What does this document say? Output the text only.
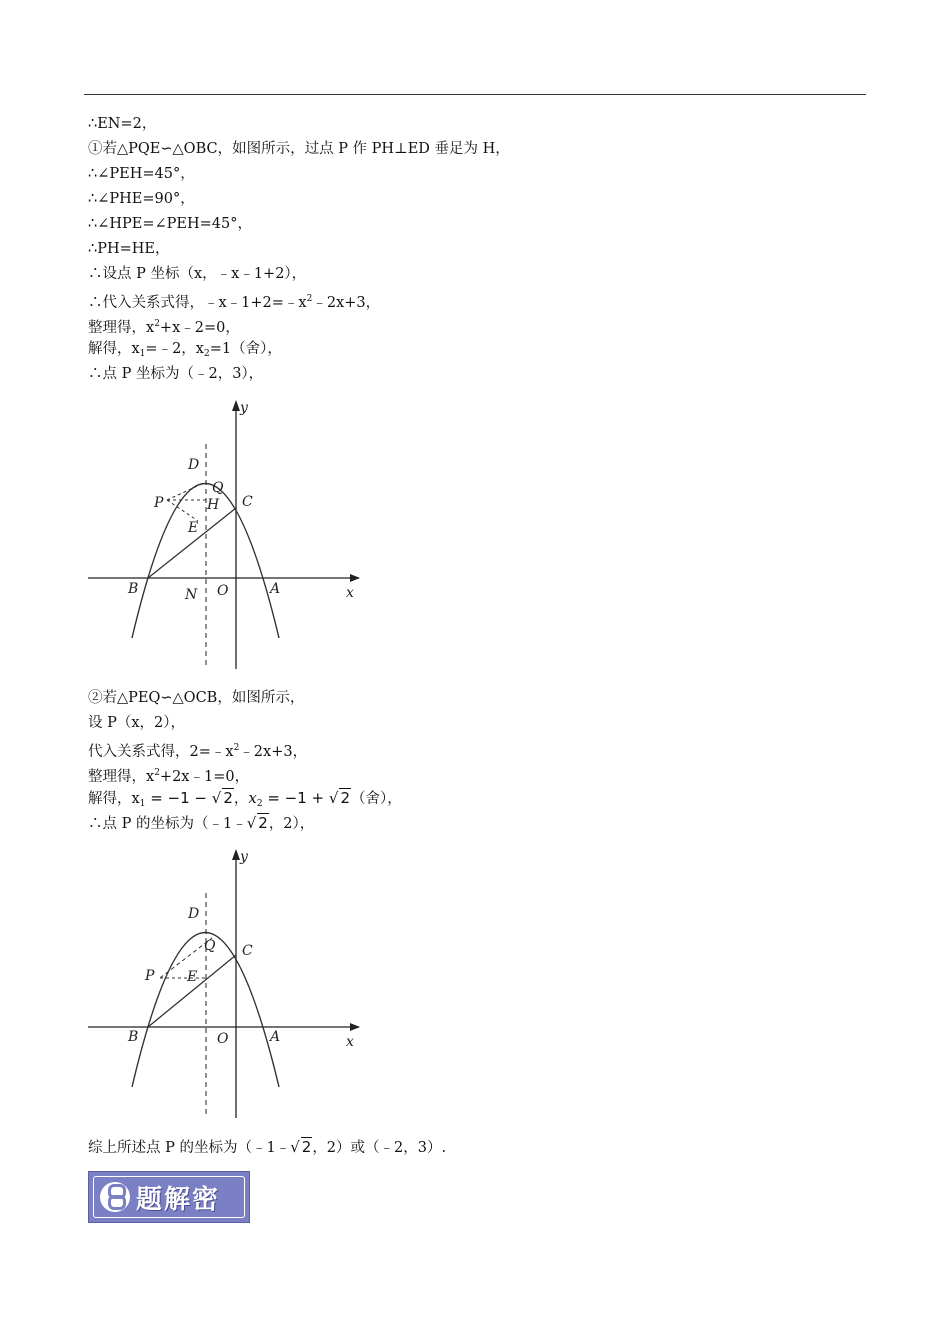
∴EN=2，
①若△PQE∽△OBC，如图所示，过点 P 作 PH⊥ED 垂足为 H，
∴∠PEH=45°，
∴∠PHE=90°，
∴∠HPE=∠PEH=45°，
∴PH=HE，
∴设点 P 坐标（x，﹣x﹣1+2），
∴代入关系式得，$﹣x﹣1+2=﹣x^2﹣2x+3$，
整理得，$x^2+x﹣2=0$，
解得，$x_1=﹣2$，$x_2=1$（舍），
∴点 P 坐标为（﹣2，3），
y
x
D
Q
P	H C
E
B	N O	A
②若△PEQ∽△OCB，如图所示，
设 P（x，2），
代入关系式得，$2=﹣x^2﹣2x+3$，
整理得，$x^2+2x﹣1=0$，
解得，$x_1 = -1$ − √ 2，$x_2 = -1$ + √ 2（舍），
∴点 P 的坐标为（﹣1﹣√ 2，2），
y
x
D
Q
P E
C
B	O	A
综上所述点 P 的坐标为（﹣1﹣√ 2，2）或（﹣2，3）.
题解密
